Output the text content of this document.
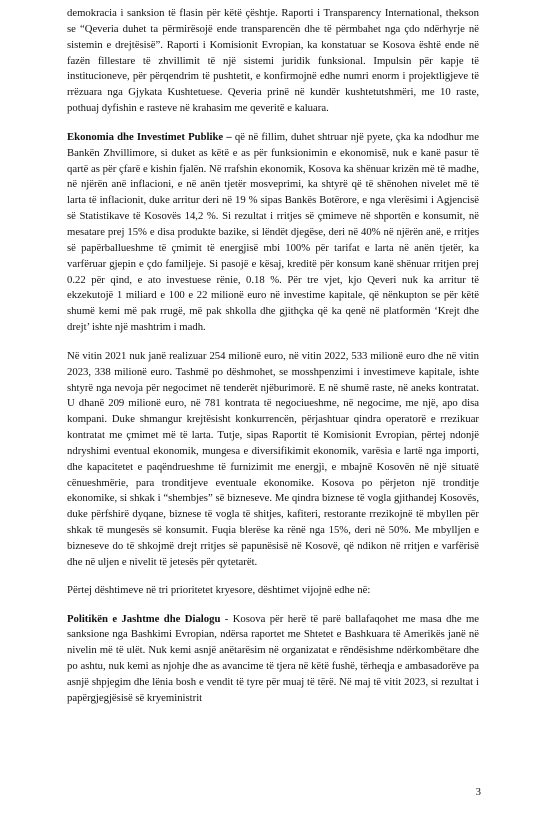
demokracia i sanksion të flasin për këtë çështje. Raporti i Transparency International, thekson se “Qeveria duhet ta përmirësojë ende transparencën dhe të përmbahet nga çdo ndërhyrje në sistemin e drejtësisë”. Raporti i Komisionit Evropian, ka konstatuar se Kosova është ende në fazën fillestare të zhvillimit të një sistemi juridik funksional. Impulsin për kapje të institucioneve, për përqendrim të pushtetit, e konfirmojnë edhe numri enorm i projektligjeve të rrëzuara nga Gjykata Kushtetuese. Qeveria prinë në kundër kushtetutshmëri, me 10 raste, pothuaj dyfishin e rasteve në krahasim me qeveritë e kaluara.

Ekonomia dhe Investimet Publike – që në fillim, duhet shtruar një pyete, çka ka ndodhur me Bankën Zhvillimore, si duket as këtë e as për funksionimin e ekonomisë, nuk e kanë pasur të qartë as për çfarë e kishin fjalën. Në rrafshin ekonomik, Kosova ka shënuar krizën më të madhe, në njërën anë inflacioni, e në anën tjetër mosveprimi, ka shtyrë që të shënohen nivelet më të larta të inflacionit, duke arritur deri në 19 % sipas Bankës Botërore, e nga vlerësimi i Agjencisë së Statistikave të Kosovës 14,2 %. Si rezultat i rritjes së çmimeve në shportën e konsumit, në mesatare prej 15% e disa produkte bazike, si lëndët djegëse, deri në 40% në njërën anë, e rritjes së papërballueshme të çmimit të energjisë mbi 100% për tarifat e larta në anën tjetër, ka varfëruar gjepin e çdo familjeje. Si pasojë e kësaj, kreditë për konsum kanë shënuar rritjen prej 0.22 për qind, e ato investuese rënie, 0.18 %. Për tre vjet, kjo Qeveri nuk ka arritur të ekzekutojë 1 miliard e 100 e 22 milionë euro në investime kapitale, që nënkupton se për këtë shumë kemi më pak rrugë, më pak shkolla dhe gjithçka që ka qenë në platformën ‘Krejt dhe drejt’ ishte një mashtrim i madh.

Në vitin 2021 nuk janë realizuar 254 milionë euro, në vitin 2022, 533 milionë euro dhe në vitin 2023, 338 milionë euro. Tashmë po dëshmohet, se mosshpenzimi i investimeve kapitale, ishte shtyrë nga nevoja për negocimet në tenderët njëburimorë. E në shumë raste, në aneks kontratat. U dhanë 209 milionë euro, në 781 kontrata të negociueshme, në negocime, me një, apo disa kompani. Duke shmangur krejtësisht konkurrencën, përjashtuar qindra operatorë e rrezikuar kontratat me çmimet më të larta. Tutje, sipas Raportit të Komisionit Evropian, përtej ndonjë ndryshimi eventual ekonomik, mungesa e diversifikimit ekonomik, varësia e lartë nga importi, dhe kapacitetet e paqëndrueshme të furnizimit me energji, e mbajnë Kosovën në një situatë cënueshmërie, para tronditjeve eventuale ekonomike. Kosova po përjeton një tronditje ekonomike, si shkak i “shembjes” së bizneseve. Me qindra biznese të vogla gjithandej Kosovës, duke përfshirë dyqane, biznese të vogla të shitjes, kafiteri, restorante rrezikojnë të mbyllen për shkak të mungesës së konsumit. Fuqia blerëse ka rënë nga 15%, deri në 50%. Me mbylljen e bizneseve do të shkojmë drejt rritjes së papunësisë në Kosovë, që ndikon në rritjen e varfërisë dhe në uljen e nivelit të jetesës për qytetarët.

Përtej dështimeve në tri prioritetet kryesore, dështimet vijojnë edhe në:

Politikën e Jashtme dhe Dialogu - Kosova për herë të parë ballafaqohet me masa dhe me sanksione nga Bashkimi Evropian, ndërsa raportet me Shtetet e Bashkuara të Amerikës janë në nivelin më të ulët. Nuk kemi asnjë anëtarësim në organizatat e rëndësishme ndërkombëtare dhe po ashtu, nuk kemi as njohje dhe as avancime të tjera në këtë fushë, tërheqja e ambasadorëve pa asnjë shpjegim dhe lënia bosh e vendit të tyre për muaj të tërë. Në maj të vitit 2023, si rezultat i papërgjegjësisë së kryeministrit

3
